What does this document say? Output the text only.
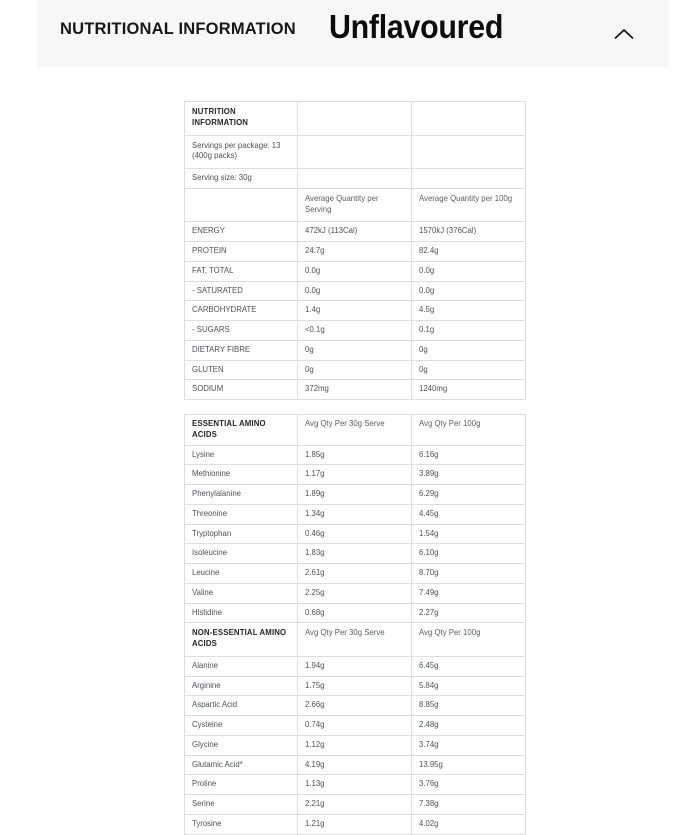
NUTRITIONAL INFORMATION Unflavoured
NUTRITION INFORMATION		
Servings per package: 13 (400g packs)		
Serving size: 30g		
	Average Quantity per Serving	Average Quantity per 100g
ENERGY	472kJ (113Cal)	1570kJ (376Cal)
PROTEIN	24.7g	82.4g
FAT, TOTAL	0.0g	0.0g
- SATURATED	0.0g	0.0g
CARBOHYDRATE	1.4g	4.5g
- SUGARS	<0.1g	0.1g
DIETARY FIBRE	0g	0g
GLUTEN	0g	0g
SODIUM	372mg	1240mg
ESSENTIAL AMINO ACIDS	Avg Qty Per 30g Serve	Avg Qty Per 100g
Lysine	1.85g	6.16g
Methionine	1.17g	3.89g
Phenylalanine	1.89g	6.29g
Threonine	1.34g	4.45g
Tryptophan	0.46g	1.54g
Isoleucine	1.83g	6.10g
Leucine	2.61g	8.70g
Valine	2.25g	7.49g
Histidine	0.68g	2.27g
NON-ESSENTIAL AMINO ACIDS	Avg Qty Per 30g Serve	Avg Qty Per 100g
Alanine	1.94g	6.45g
Arginine	1.75g	5.84g
Aspartic Acid	2.66g	8.85g
Cysteine	0.74g	2.48g
Glycine	1.12g	3.74g
Glutamic Acid*	4.19g	13.95g
Proline	1.13g	3.76g
Serine	2.21g	7.38g
Tyrosine	1.21g	4.02g
